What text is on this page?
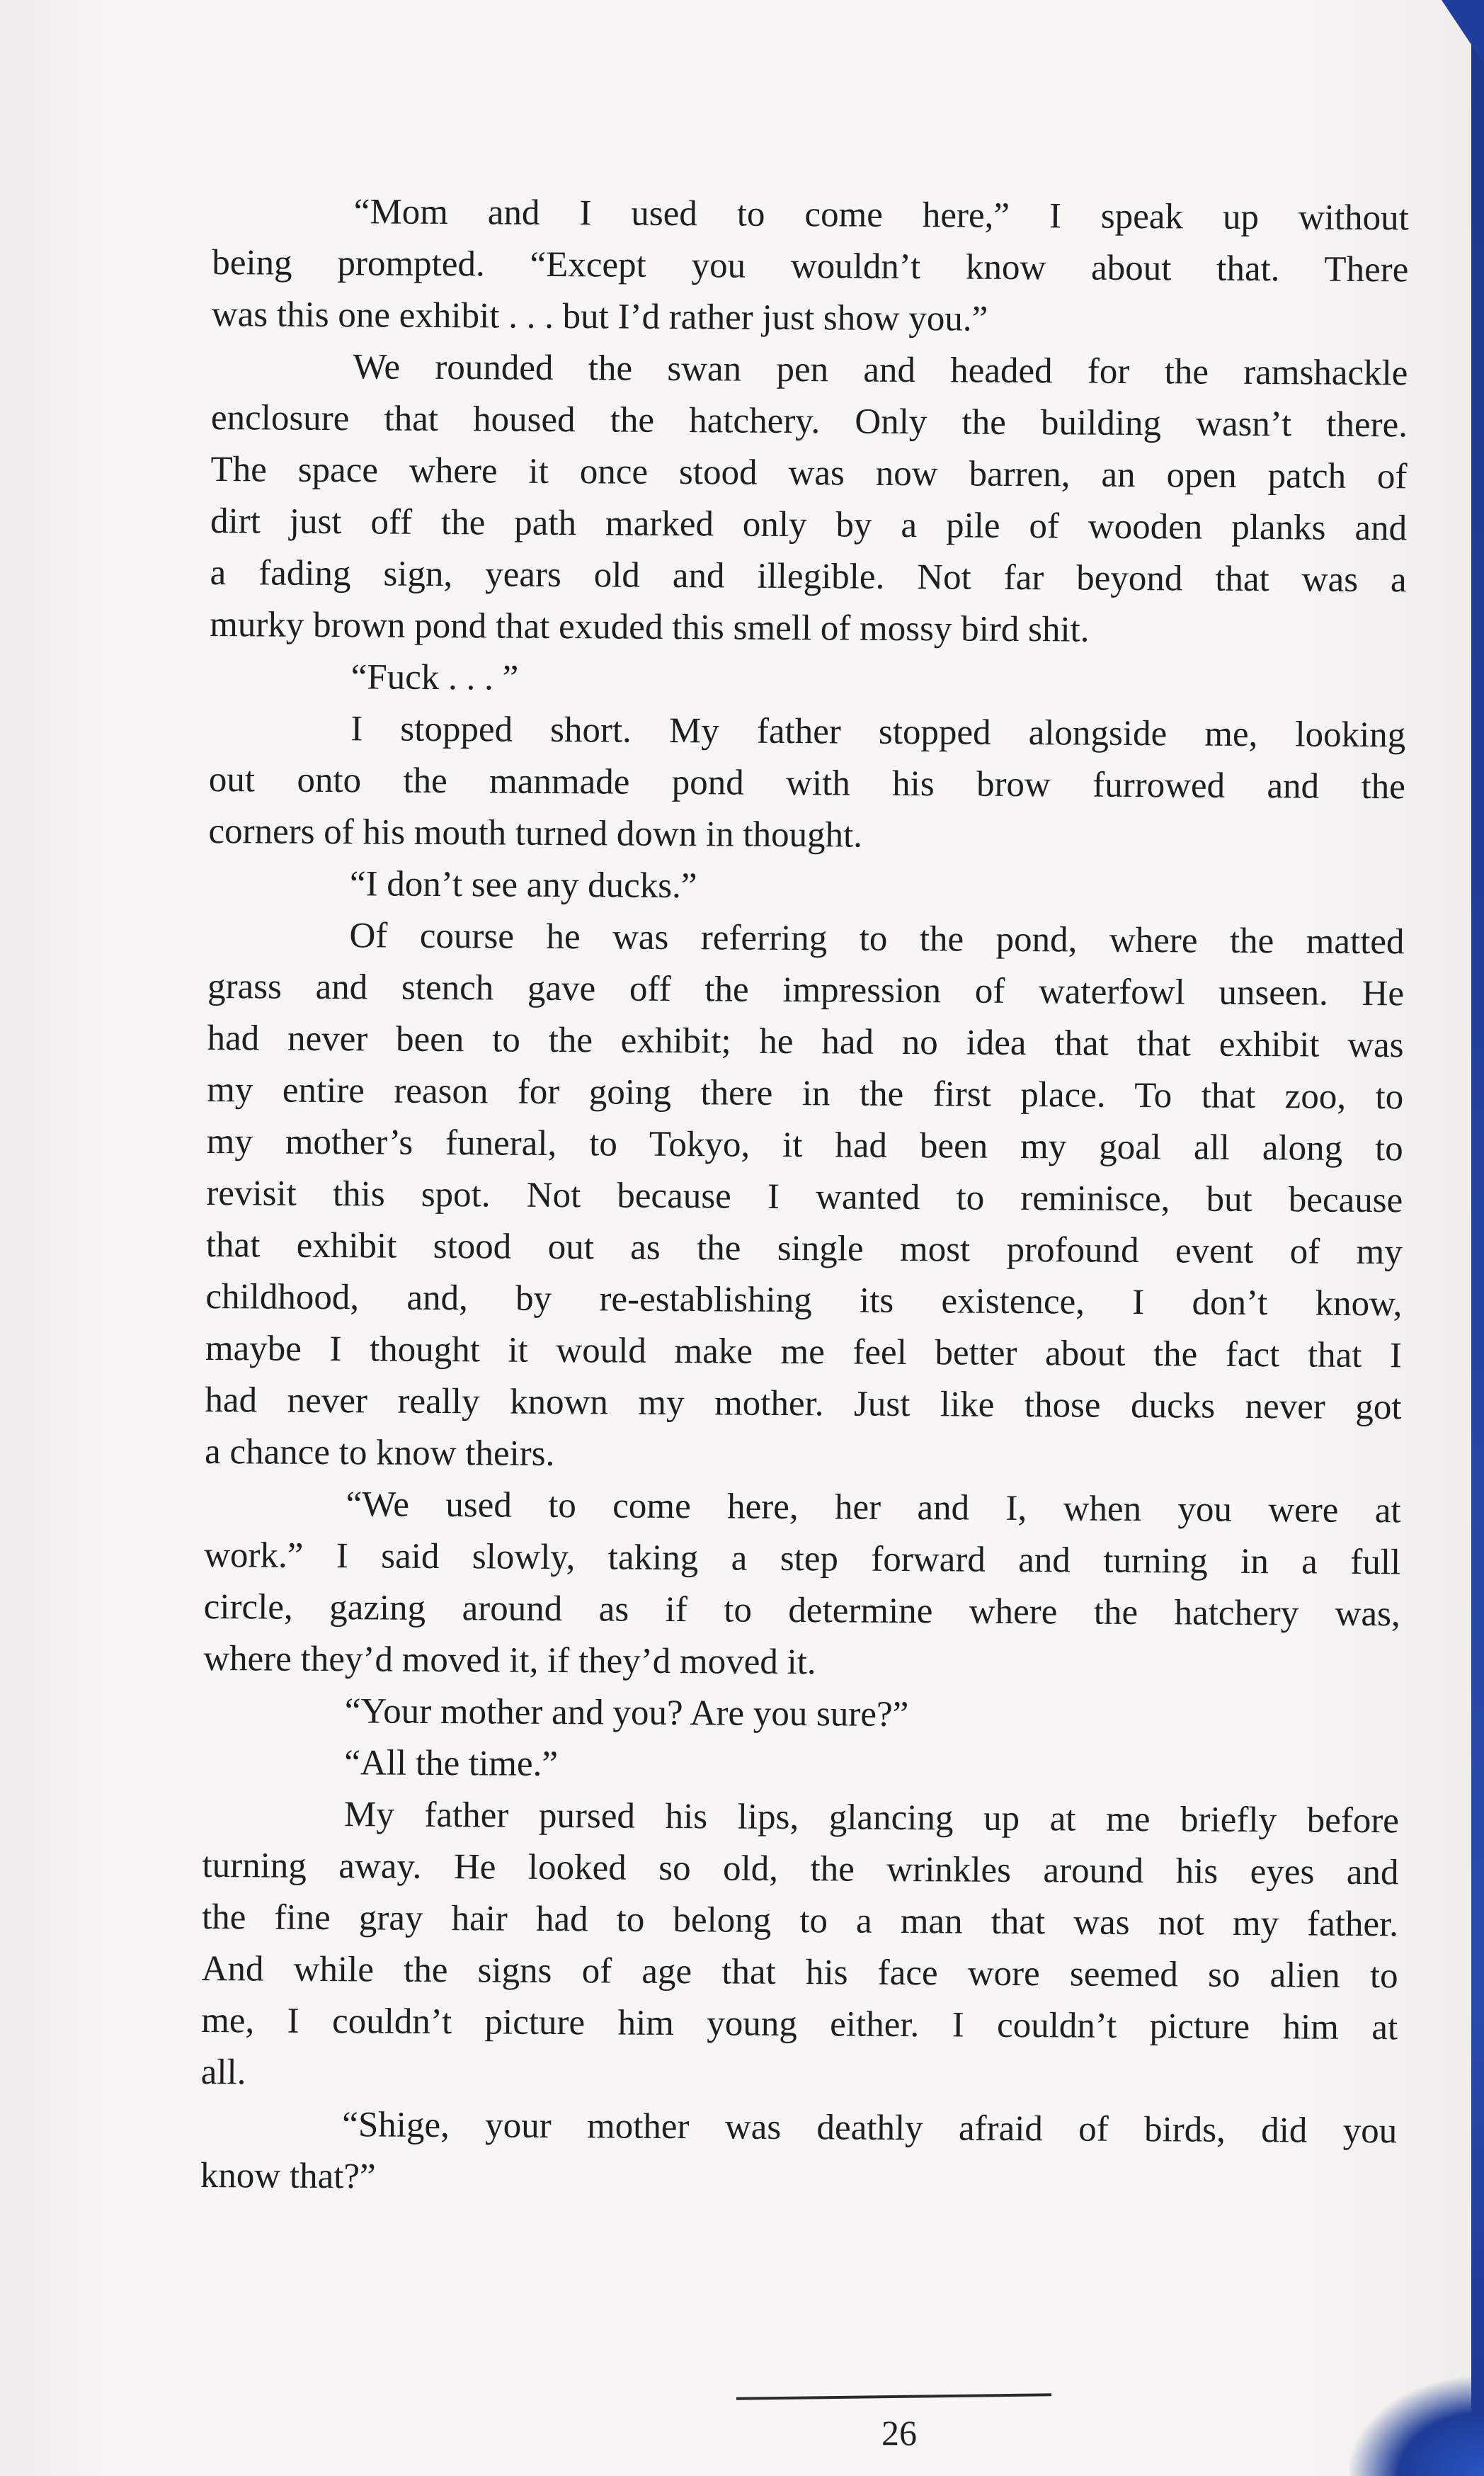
“Mom and I used to come here,” I speak up without
being prompted. “Except you wouldn’t know about that. There
was this one exhibit . . . but I’d rather just show you.”
We rounded the swan pen and headed for the ramshackle
enclosure that housed the hatchery. Only the building wasn’t there.
The space where it once stood was now barren, an open patch of
dirt just off the path marked only by a pile of wooden planks and
a fading sign, years old and illegible. Not far beyond that was a
murky brown pond that exuded this smell of mossy bird shit.
“Fuck . . . ”
I stopped short. My father stopped alongside me, looking
out onto the manmade pond with his brow furrowed and the
corners of his mouth turned down in thought.
“I don’t see any ducks.”
Of course he was referring to the pond, where the matted
grass and stench gave off the impression of waterfowl unseen. He
had never been to the exhibit; he had no idea that that exhibit was
my entire reason for going there in the first place. To that zoo, to
my mother’s funeral, to Tokyo, it had been my goal all along to
revisit this spot. Not because I wanted to reminisce, but because
that exhibit stood out as the single most profound event of my
childhood, and, by re-establishing its existence, I don’t know,
maybe I thought it would make me feel better about the fact that I
had never really known my mother. Just like those ducks never got
a chance to know theirs.
“We used to come here, her and I, when you were at
work.” I said slowly, taking a step forward and turning in a full
circle, gazing around as if to determine where the hatchery was,
where they’d moved it, if they’d moved it.
“Your mother and you? Are you sure?”
“All the time.”
My father pursed his lips, glancing up at me briefly before
turning away. He looked so old, the wrinkles around his eyes and
the fine gray hair had to belong to a man that was not my father.
And while the signs of age that his face wore seemed so alien to
me, I couldn’t picture him young either. I couldn’t picture him at
all.
“Shige, your mother was deathly afraid of birds, did you
know that?”
26
